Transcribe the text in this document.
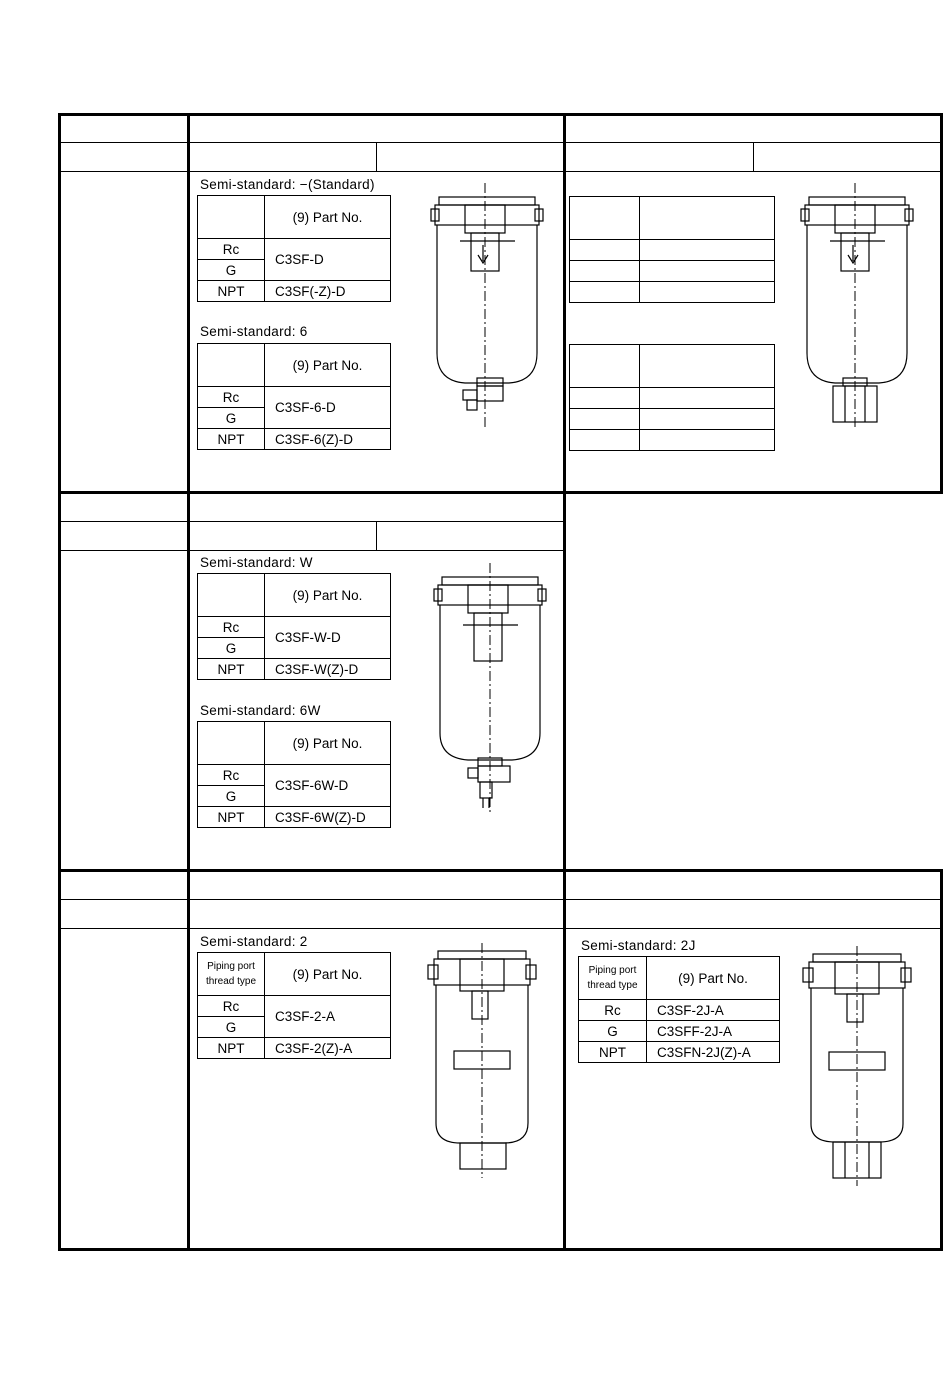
Semi-standard: −(Standard)
	(9) Part No.
Rc	C3SF-D
G	
NPT	C3SF(-Z)-D
Semi-standard: 6
	(9) Part No.
Rc	C3SF-6-D
G	
NPT	C3SF-6(Z)-D

Semi-standard: W
	(9) Part No.
Rc	C3SF-W-D
G	
NPT	C3SF-W(Z)-D
Semi-standard: 6W
	(9) Part No.
Rc	C3SF-6W-D
G	
NPT	C3SF-6W(Z)-D
Semi-standard: 2
Piping port thread type	(9) Part No.
Rc	C3SF-2-A
G	
NPT	C3SF-2(Z)-A
Semi-standard: 2J
Piping port thread type	(9) Part No.
Rc	C3SF-2J-A
G	C3SFF-2J-A
NPT	C3SFN-2J(Z)-A
